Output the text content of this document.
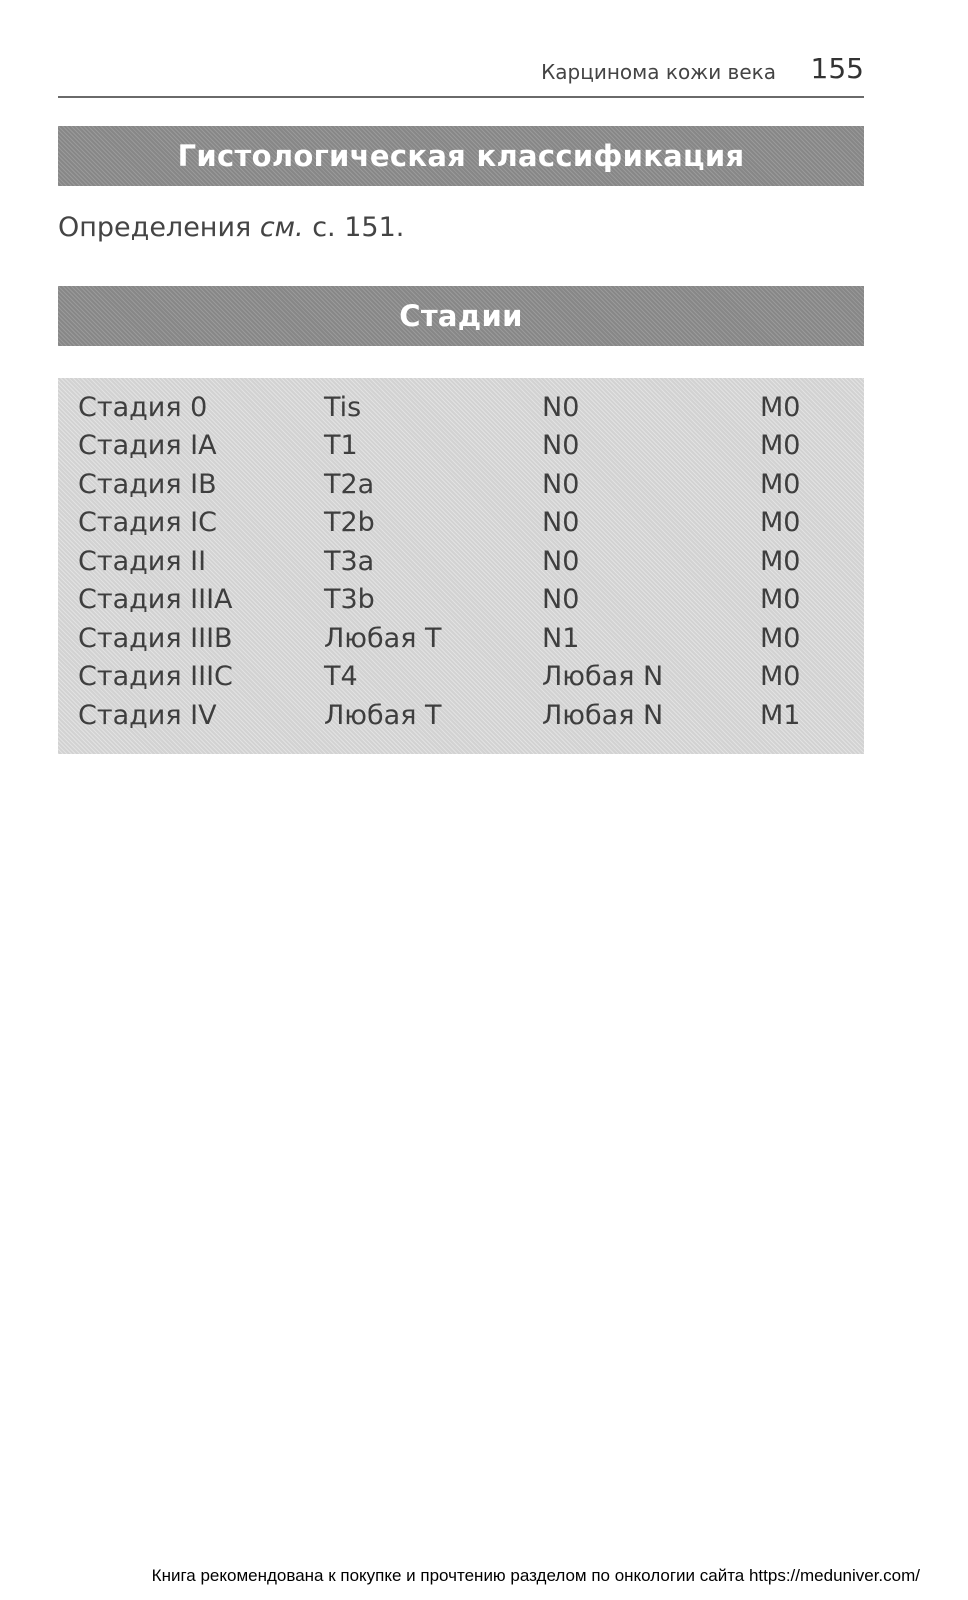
Карцинома кожи века 155
Гистологическая классификация
Определения см. с. 151.
Стадии
Стадия 0	Tis	N0	M0
Стадия IA	T1	N0	M0
Стадия IB	T2a	N0	M0
Стадия IC	T2b	N0	M0
Стадия II	T3a	N0	M0
Стадия IIIA	T3b	N0	M0
Стадия IIIB	Любая T	N1	M0
Стадия IIIC	T4	Любая N	M0
Стадия IV	Любая T	Любая N	M1
Книга рекомендована к покупке и прочтению разделом по онкологии сайта https://meduniver.com/
